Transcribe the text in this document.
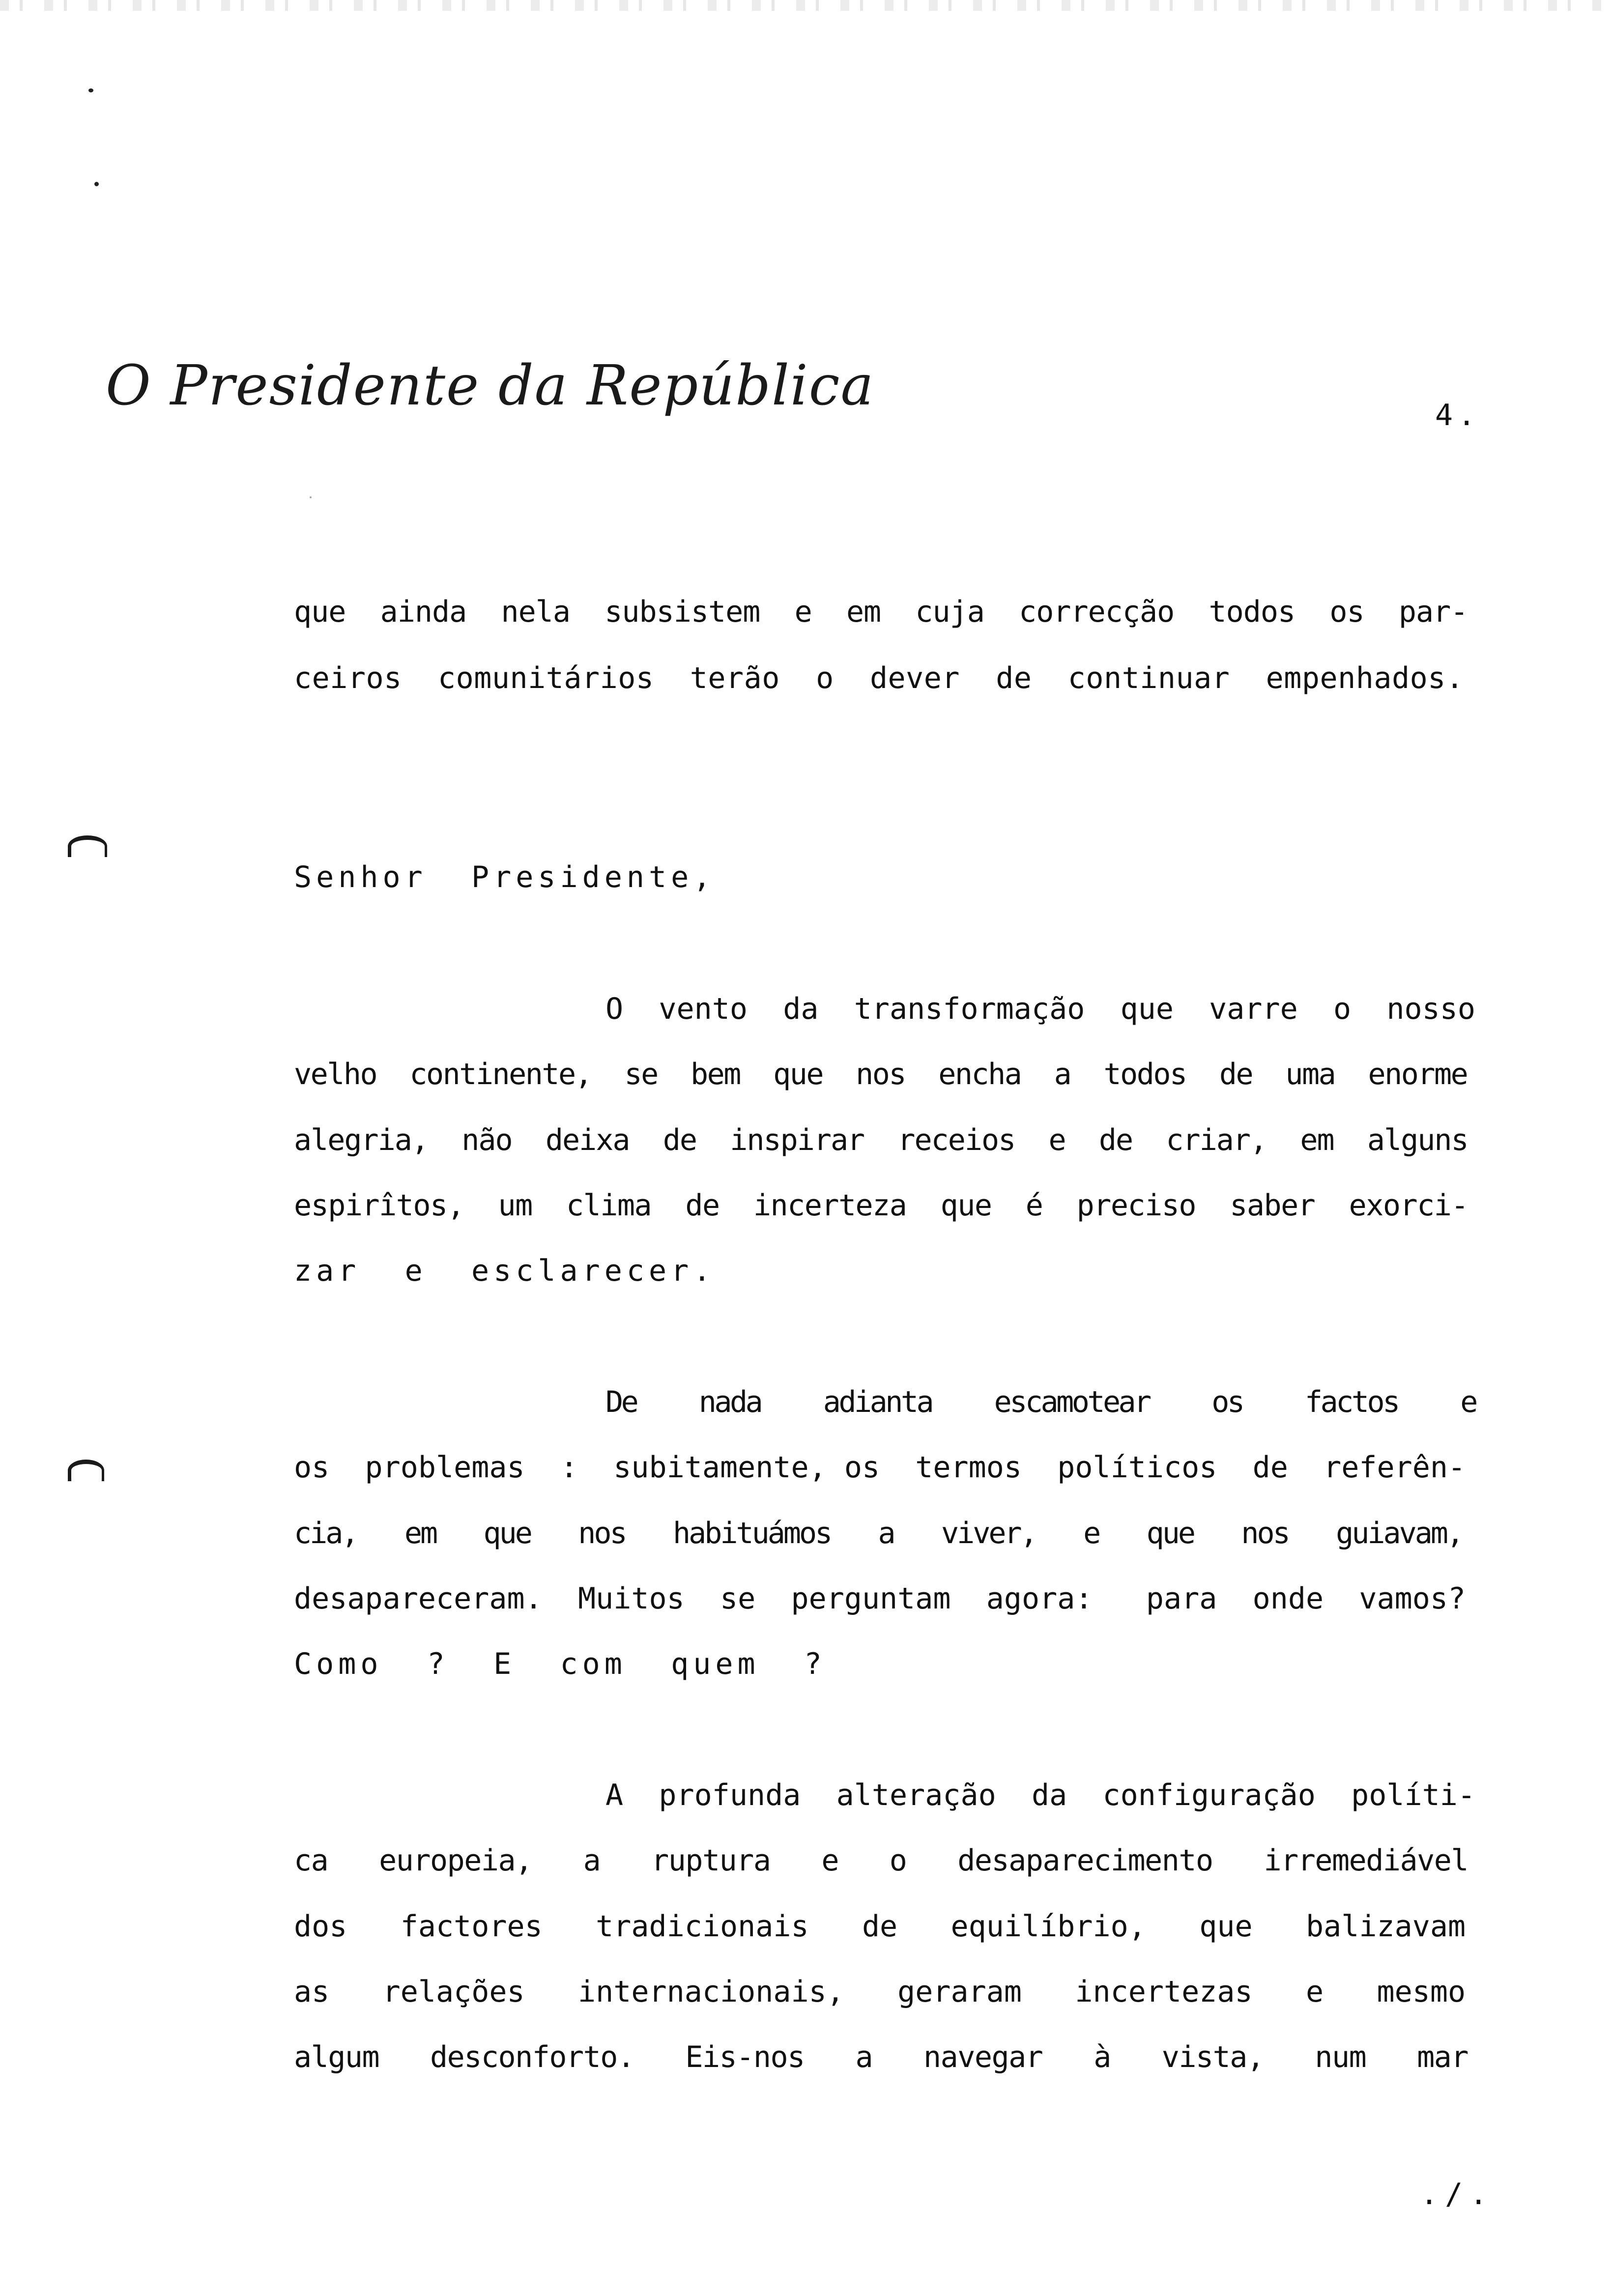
O Presidente da República	4.
que  ainda  nela  subsistem  e  em  cuja  correcção  todos  os  par-
ceiros  comunitários  terão  o  dever  de  continuar  empenhados.
Senhor  Presidente,
O  vento  da  transformação  que  varre  o  nosso
velho  continente,  se  bem  que  nos  encha  a  todos  de  uma  enorme
alegria,  não  deixa  de  inspirar  receios  e  de  criar,  em  alguns
espirîtos,  um  clima  de  incerteza  que  é  preciso  saber  exorci-
zar  e  esclarecer.
De    nada    adianta    escamotear    os    factos    e
os  problemas  :  subitamente, os  termos  políticos  de  referên-
cia,   em   que   nos   habituámos   a   viver,   e   que   nos   guiavam,
desapareceram.  Muitos  se  perguntam  agora:   para  onde  vamos?
Como  ?  E  com  quem  ?
A  profunda  alteração  da  configuração  políti-
ca   europeia,   a   ruptura   e   o   desaparecimento   irremediável
dos   factores   tradicionais   de   equilíbrio,   que   balizavam
as   relações   internacionais,   geraram   incertezas   e   mesmo
algum   desconforto.   Eis-nos   a   navegar   à   vista,   num   mar
./.
